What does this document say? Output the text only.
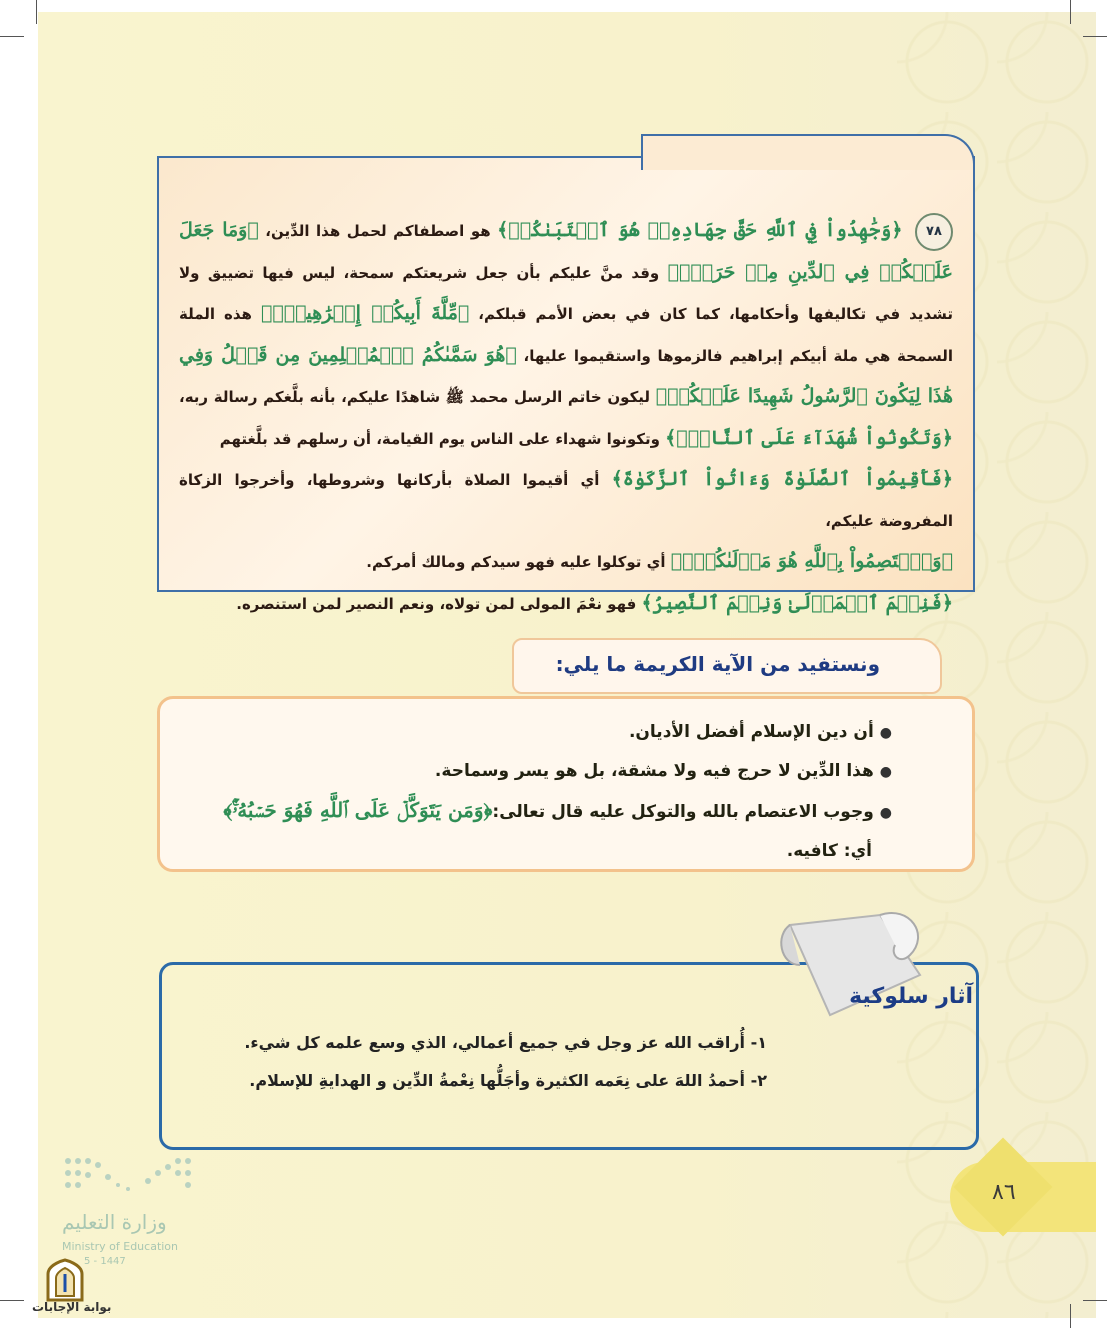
٧٨ ﴿وَجَٰهِدُواْ فِي ٱللَّهِ حَقَّ جِهَادِهِۦۚ هُوَ ٱجۡتَبَىٰكُمۡ﴾ هو اصطفاكم لحمل هذا الدِّين، ﴿وَمَا جَعَلَ عَلَيۡكُمۡ فِي ٱلدِّينِ مِنۡ حَرَجٖۚ﴾ وقد منَّ عليكم بأن جعل شريعتكم سمحة، ليس فيها تضييق ولا تشديد في تكاليفها وأحكامها، كما كان في بعض الأمم قبلكم، ﴿مِّلَّةَ أَبِيكُمۡ إِبۡرَٰهِيمَۚ﴾ هذه الملة السمحة هي ملة أبيكم إبراهيم فالزموها واستقيموا عليها، ﴿هُوَ سَمَّىٰكُمُ ٱلۡمُسۡلِمِينَ مِن قَبۡلُ وَفِي هَٰذَا لِيَكُونَ ٱلرَّسُولُ شَهِيدًا عَلَيۡكُمۡ﴾ ليكون خاتم الرسل محمد ﷺ شاهدًا عليكم، بأنه بلَّغكم رسالة ربه، ﴿وَتَكُونُواْ شُهَدَآءَ عَلَى ٱلنَّاسِۚ﴾ وتكونوا شهداء على الناس يوم القيامة، أن رسلهم قد بلَّغتهم
﴿فَأَقِيمُواْ ٱلصَّلَوٰةَ وَءَاتُواْ ٱلزَّكَوٰةَ﴾ أي أقيموا الصلاة بأركانها وشروطها، وأخرجوا الزكاة المفروضة عليكم،
﴿وَٱعۡتَصِمُواْ بِٱللَّهِ هُوَ مَوۡلَىٰكُمۡۖ﴾ أي توكلوا عليه فهو سيدكم ومالك أمركم.
﴿فَنِعۡمَ ٱلۡمَوۡلَىٰ وَنِعۡمَ ٱلنَّصِيرُ﴾ فهو نعْمَ المولى لمن تولاه، ونعم النصير لمن استنصره.
ونستفيد من الآية الكريمة ما يلي:
●أن دين الإسلام أفضل الأديان.
●هذا الدِّين لا حرج فيه ولا مشقة، بل هو يسر وسماحة.
●وجوب الاعتصام بالله والتوكل عليه قال تعالى:﴿وَمَن يَتَوَكَّلۡ عَلَى ٱللَّهِ فَهُوَ حَسۡبُهُۥٓۚ﴾
أي: كافيه.
آثار سلوكية
١- أُراقب الله عز وجل في جميع أعمالي، الذي وسع علمه كل شيء.
٢- أحمدُ اللهَ على نِعَمه الكثيرة وأجَلُّها نِعْمةُ الدِّين و الهدايةِ للإسلام.
٨٦
وزارة التعليم
Ministry of Education
5 - 1447
بوابة الإجابات
